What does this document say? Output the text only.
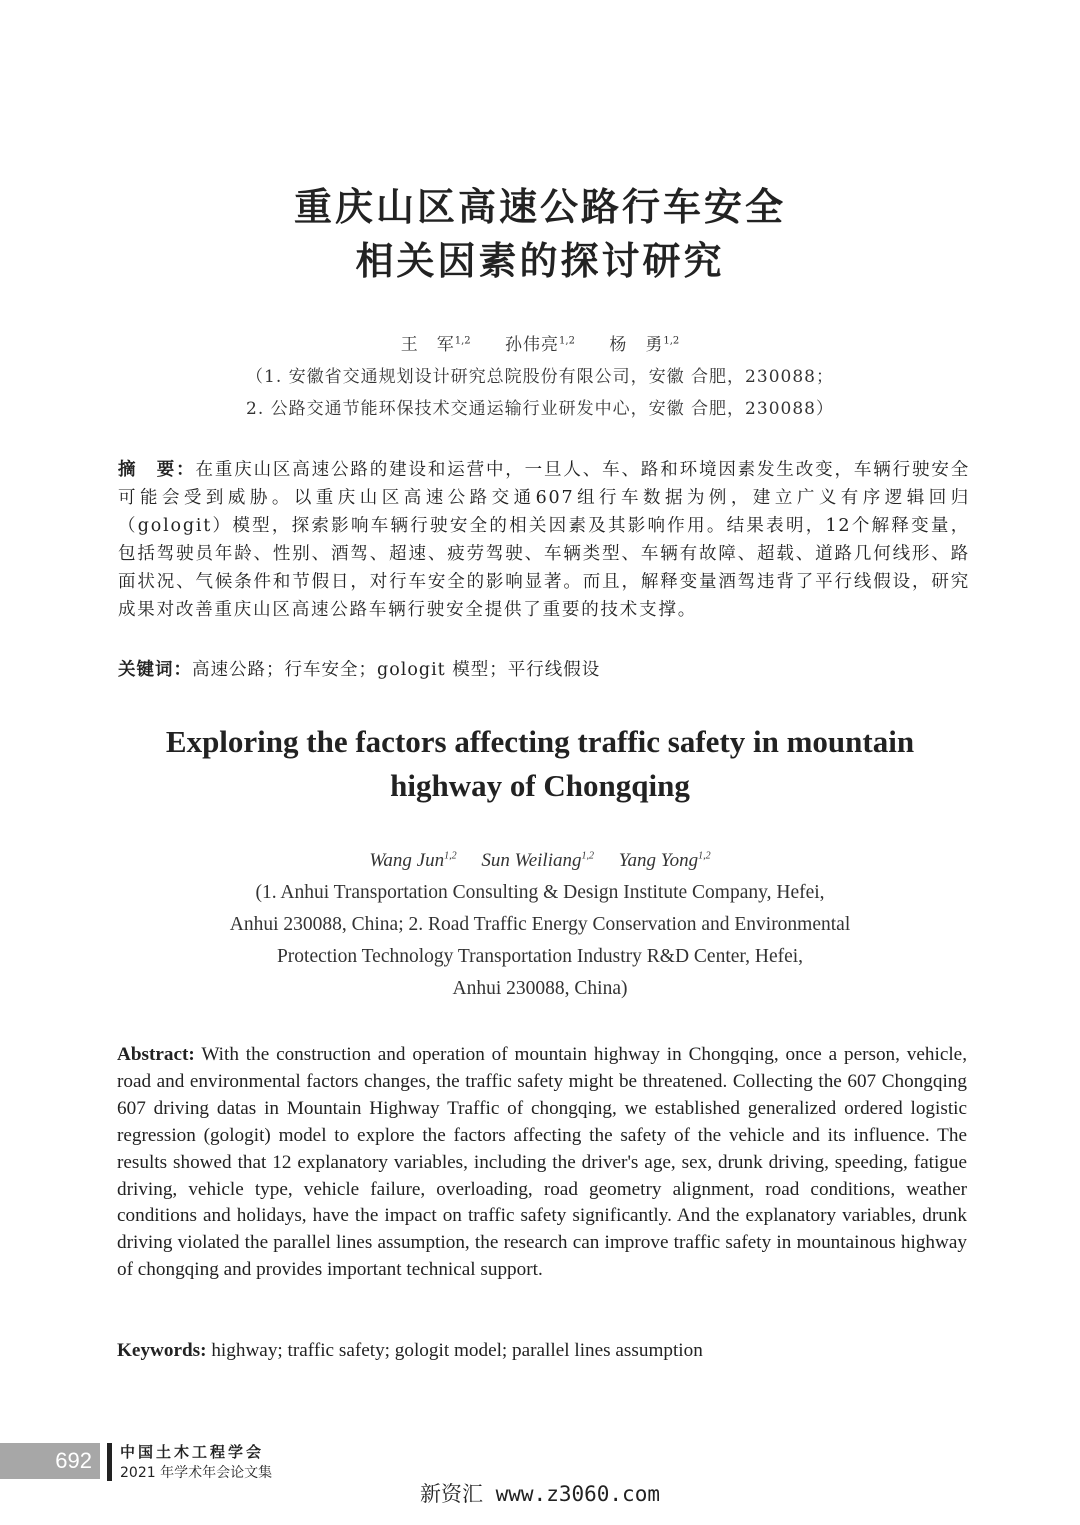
重庆山区高速公路行车安全
相关因素的探讨研究
王　军$^{1,2}$ 孙伟亮$^{1,2}$ 杨　勇$^{1,2}$
（1. 安徽省交通规划设计研究总院股份有限公司，安徽 合肥，230088；
2. 公路交通节能环保技术交通运输行业研发中心，安徽 合肥，230088）
摘　要：在重庆山区高速公路的建设和运营中，一旦人、车、路和环境因素发生改变，车辆行驶安全可能会受到威胁。以重庆山区高速公路交通607组行车数据为例，建立广义有序逻辑回归（gologit）模型，探索影响车辆行驶安全的相关因素及其影响作用。结果表明，12个解释变量，包括驾驶员年龄、性别、酒驾、超速、疲劳驾驶、车辆类型、车辆有故障、超载、道路几何线形、路面状况、气候条件和节假日，对行车安全的影响显著。而且，解释变量酒驾违背了平行线假设，研究成果对改善重庆山区高速公路车辆行驶安全提供了重要的技术支撑。
关键词：高速公路；行车安全；gologit 模型；平行线假设
Exploring the factors affecting traffic safety in mountain
highway of Chongqing
Wang Jun$^{1,2}$ Sun Weiliang$^{1,2}$ Yang Yong$^{1,2}$
(1. Anhui Transportation Consulting & Design Institute Company, Hefei,
Anhui 230088, China; 2. Road Traffic Energy Conservation and Environmental
Protection Technology Transportation Industry R&D Center, Hefei,
Anhui 230088, China)
Abstract: With the construction and operation of mountain highway in Chongqing, once a person, vehicle, road and environmental factors changes, the traffic safety might be threatened. Collecting the 607 Chongqing 607 driving datas in Mountain Highway Traffic of chongqing, we established generalized ordered logistic regression (gologit) model to explore the factors affecting the safety of the vehicle and its influence. The results showed that 12 explanatory variables, including the driver's age, sex, drunk driving, speeding, fatigue driving, vehicle type, vehicle failure, overloading, road geometry alignment, road conditions, weather conditions and holidays, have the impact on traffic safety significantly. And the explanatory variables, drunk driving violated the parallel lines assumption, the research can improve traffic safety in mountainous highway of chongqing and provides important technical support.
Keywords: highway; traffic safety; gologit model; parallel lines assumption
692 中国土木工程学会
2021 年学术年会论文集
新资汇 www.z3060.com
